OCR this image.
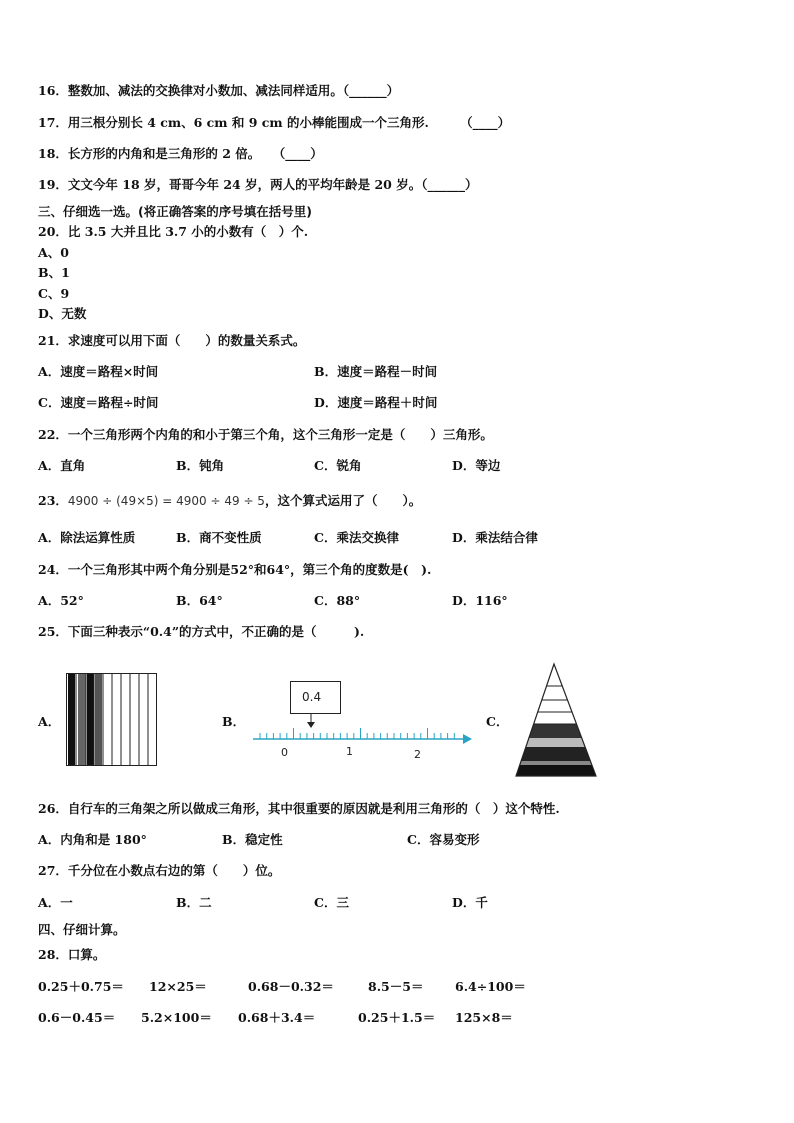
16．整数加、减法的交换律对小数加、减法同样适用。（______）
17．用三根分别长 4 cm、6 cm 和 9 cm 的小棒能围成一个三角形.　　　（____）
18．长方形的内角和是三角形的 2 倍。　　（____）
19．文文今年 18 岁，哥哥今年 24 岁，两人的平均年龄是 20 岁。（______）
三、仔细选一选。(将正确答案的序号填在括号里)
20．比 3.5 大并且比 3.7 小的小数有（　）个.
A、0
B、1
C、9
D、无数
21．求速度可以用下面（　　）的数量关系式。
A．速度＝路程×时间	B．速度＝路程－时间
C．速度＝路程÷时间	D．速度＝路程＋时间
22．一个三角形两个内角的和小于第三个角，这个三角形一定是（　　）三角形。
A．直角	B．钝角	C．锐角	D．等边
23．4900 ÷ (49×5) = 4900 ÷ 49 ÷ 5，这个算式运用了（　　）。
A．除法运算性质	B．商不变性质	C．乘法交换律	D．乘法结合律
24．一个三角形其中两个角分别是52°和64°，第三个角的度数是(　).
A．52°	B．64°	C．88°	D．116°
25．下面三种表示“0.4”的方式中，不正确的是（　　　).
A．	B．
0.4
0	1	2
C．
26．自行车的三角架之所以做成三角形，其中很重要的原因就是利用三角形的（　）这个特性.
A．内角和是 180°	B．稳定性	C．容易变形
27．千分位在小数点右边的第（　　）位。
A．一	B．二	C．三	D．千
四、仔细计算。
28．口算。
0.25＋0.75＝ 12×25＝	0.68－0.32＝	8.5－5＝	6.4÷100＝
0.6－0.45＝ 5.2×100＝ 0.68＋3.4＝	0.25＋1.5＝ 125×8＝
